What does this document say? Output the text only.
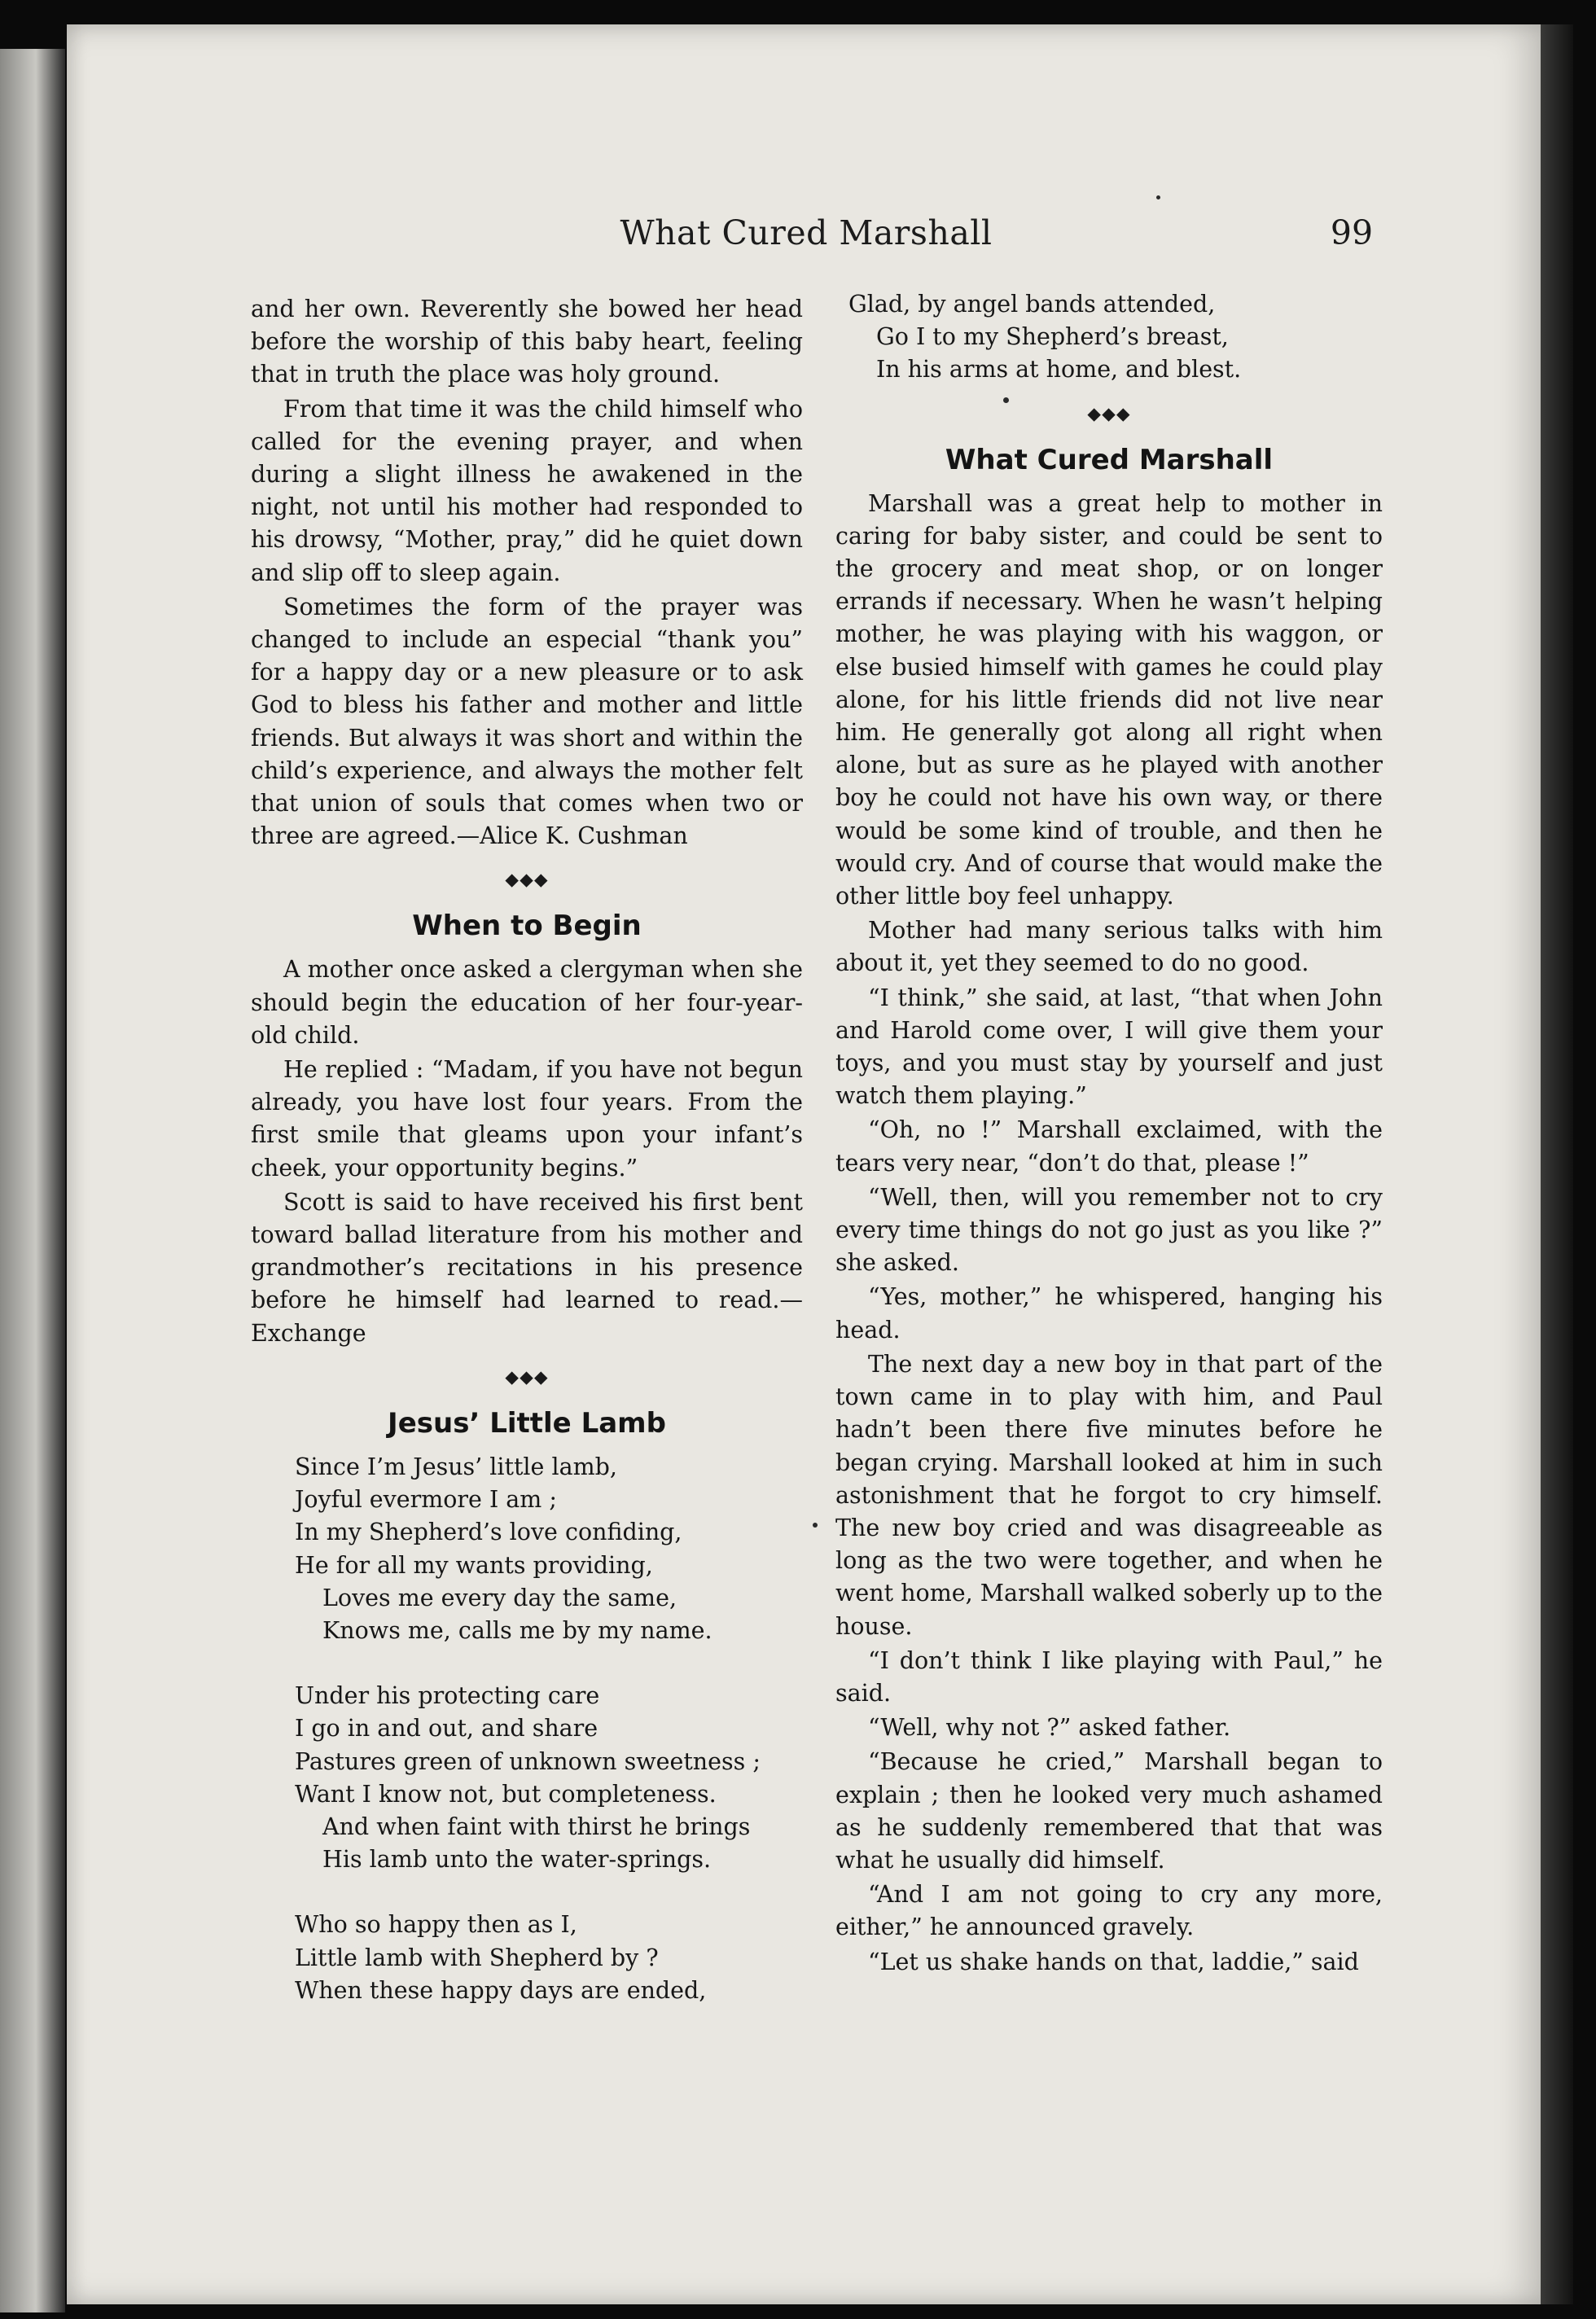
What Cured Marshall	99

and her own. Reverently she bowed her head before the worship of this baby heart, feeling that in truth the place was holy ground.

From that time it was the child himself who called for the evening prayer, and when during a slight illness he awakened in the night, not until his mother had responded to his drowsy, “Mother, pray,” did he quiet down and slip off to sleep again.

Sometimes the form of the prayer was changed to include an especial “thank you” for a happy day or a new pleasure or to ask God to bless his father and mother and little friends. But always it was short and within the child’s experience, and always the mother felt that union of souls that comes when two or three are agreed.—Alice K. Cushman

⬥⬥⬥
When to Begin

A mother once asked a clergyman when she should begin the education of her four-year-old child.

He replied : “Madam, if you have not begun already, you have lost four years. From the first smile that gleams upon your infant’s cheek, your opportunity begins.”

Scott is said to have received his first bent toward ballad literature from his mother and grandmother’s recitations in his presence before he himself had learned to read.—Exchange

⬥⬥⬥
Jesus’ Little Lamb
Since I’m Jesus’ little lamb,
Joyful evermore I am ;
In my Shepherd’s love confiding,
He for all my wants providing,
Loves me every day the same,
Knows me, calls me by my name.
Under his protecting care
I go in and out, and share
Pastures green of unknown sweetness ;
Want I know not, but completeness.
And when faint with thirst he brings
His lamb unto the water-springs.
Who so happy then as I,
Little lamb with Shepherd by ?
When these happy days are ended,
Glad, by angel bands attended,
Go I to my Shepherd’s breast,
In his arms at home, and blest.
⬥⬥⬥
What Cured Marshall

Marshall was a great help to mother in caring for baby sister, and could be sent to the grocery and meat shop, or on longer errands if necessary. When he wasn’t helping mother, he was playing with his waggon, or else busied himself with games he could play alone, for his little friends did not live near him. He generally got along all right when alone, but as sure as he played with another boy he could not have his own way, or there would be some kind of trouble, and then he would cry. And of course that would make the other little boy feel unhappy.

Mother had many serious talks with him about it, yet they seemed to do no good.

“I think,” she said, at last, “that when John and Harold come over, I will give them your toys, and you must stay by yourself and just watch them playing.”

“Oh, no !” Marshall exclaimed, with the tears very near, “don’t do that, please !”

“Well, then, will you remember not to cry every time things do not go just as you like ?” she asked.

“Yes, mother,” he whispered, hanging his head.

The next day a new boy in that part of the town came in to play with him, and Paul hadn’t been there five minutes before he began crying. Marshall looked at him in such astonishment that he forgot to cry himself. The new boy cried and was disagreeable as long as the two were together, and when he went home, Marshall walked soberly up to the house.

“I don’t think I like playing with Paul,” he said.

“Well, why not ?” asked father.

“Because he cried,” Marshall began to explain ; then he looked very much ashamed as he suddenly remembered that that was what he usually did himself.

“And I am not going to cry any more, either,” he announced gravely.

“Let us shake hands on that, laddie,” said
